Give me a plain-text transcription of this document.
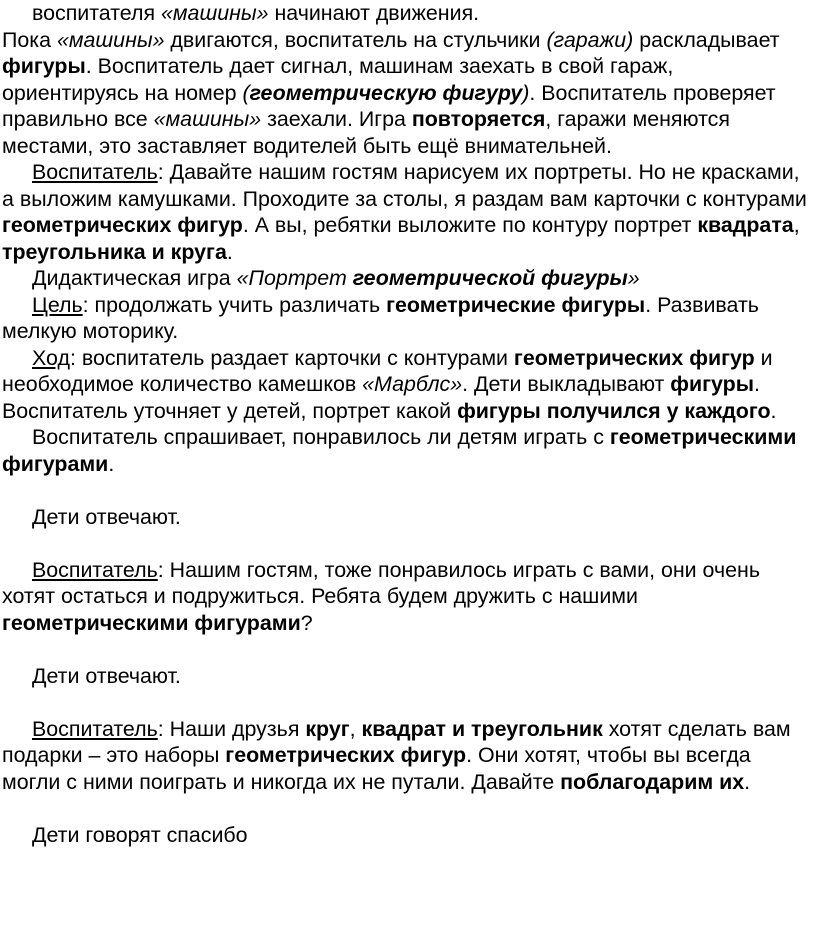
воспитателя «машины» начинают движения.

Пока «машины» двигаются, воспитатель на стульчики (гаражи) раскладывает фигуры. Воспитатель дает сигнал, машинам заехать в свой гараж, ориентируясь на номер (геометрическую фигуру). Воспитатель проверяет правильно все «машины» заехали. Игра повторяется, гаражи меняются местами, это заставляет водителей быть ещё внимательней.

Воспитатель: Давайте нашим гостям нарисуем их портреты. Но не красками, а выложим камушками. Проходите за столы, я раздам вам карточки с контурами геометрических фигур. А вы, ребятки выложите по контуру портрет квадрата, треугольника и круга.

Дидактическая игра «Портрет геометрической фигуры»

Цель: продолжать учить различать геометрические фигуры. Развивать мелкую моторику.

Ход: воспитатель раздает карточки с контурами геометрических фигур и необходимое количество камешков «Марблс». Дети выкладывают фигуры. Воспитатель уточняет у детей, портрет какой фигуры получился у каждого.

Воспитатель спрашивает, понравилось ли детям играть с геометрическими фигурами.

Дети отвечают.

Воспитатель: Нашим гостям, тоже понравилось играть с вами, они очень хотят остаться и подружиться. Ребята будем дружить с нашими геометрическими фигурами?

Дети отвечают.

Воспитатель: Наши друзья круг, квадрат и треугольник хотят сделать вам подарки – это наборы геометрических фигур. Они хотят, чтобы вы всегда могли с ними поиграть и никогда их не путали. Давайте поблагодарим их.

Дети говорят спасибо
